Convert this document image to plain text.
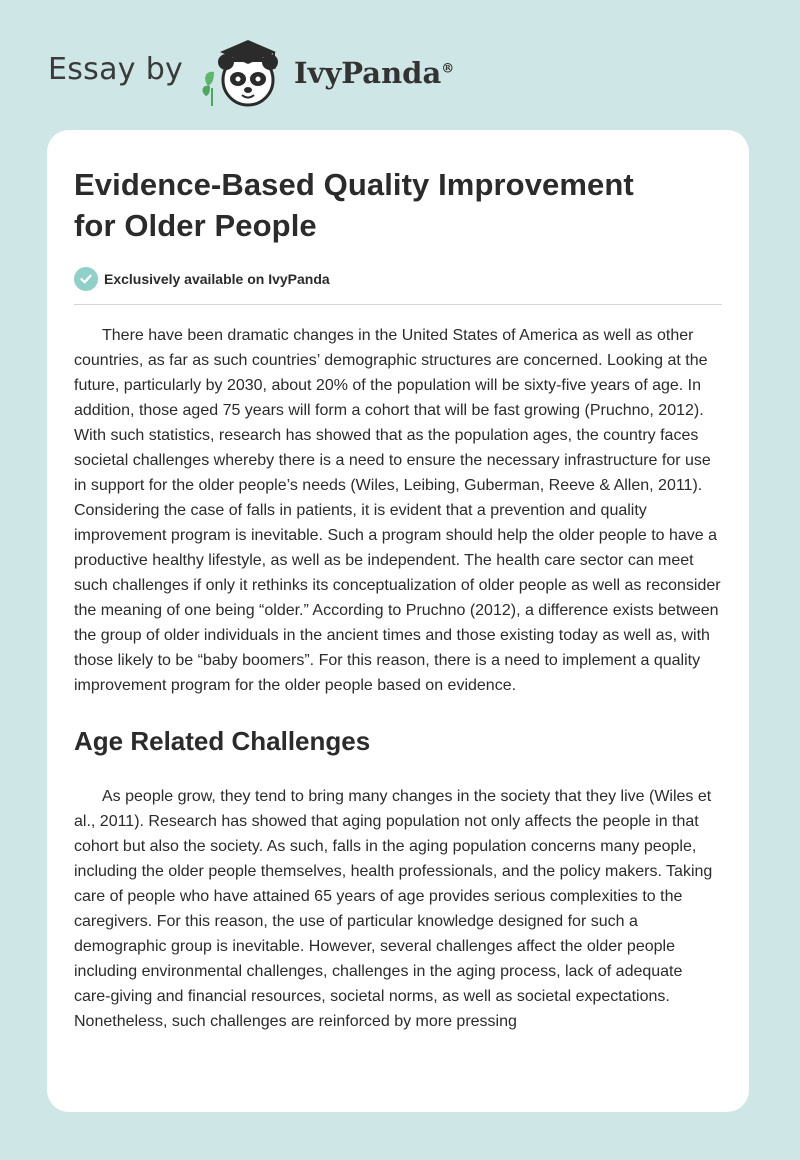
Essay by	IvyPanda®
Evidence-Based Quality Improvement
for Older People
Exclusively available on IvyPanda

There have been dramatic changes in the United States of America as well as other countries, as far as such countries’ demographic structures are concerned. Looking at the future, particularly by 2030, about 20% of the population will be sixty-five years of age. In addition, those aged 75 years will form a cohort that will be fast growing (Pruchno, 2012). With such statistics, research has showed that as the population ages, the country faces societal challenges whereby there is a need to ensure the necessary infrastructure for use in support for the older people’s needs (Wiles, Leibing, Guberman, Reeve & Allen, 2011). Considering the case of falls in patients, it is evident that a prevention and quality improvement program is inevitable. Such a program should help the older people to have a productive healthy lifestyle, as well as be independent. The health care sector can meet such challenges if only it rethinks its conceptualization of older people as well as reconsider the meaning of one being “older.” According to Pruchno (2012), a difference exists between the group of older individuals in the ancient times and those existing today as well as, with those likely to be “baby boomers”. For this reason, there is a need to implement a quality improvement program for the older people based on evidence.

Age Related Challenges

As people grow, they tend to bring many changes in the society that they live (Wiles et al., 2011). Research has showed that aging population not only affects the people in that cohort but also the society. As such, falls in the aging population concerns many people, including the older people themselves, health professionals, and the policy makers. Taking care of people who have attained 65 years of age provides serious complexities to the caregivers. For this reason, the use of particular knowledge designed for such a demographic group is inevitable. However, several challenges affect the older people including environmental challenges, challenges in the aging process, lack of adequate care-giving and financial resources, societal norms, as well as societal expectations. Nonetheless, such challenges are reinforced by more pressing
